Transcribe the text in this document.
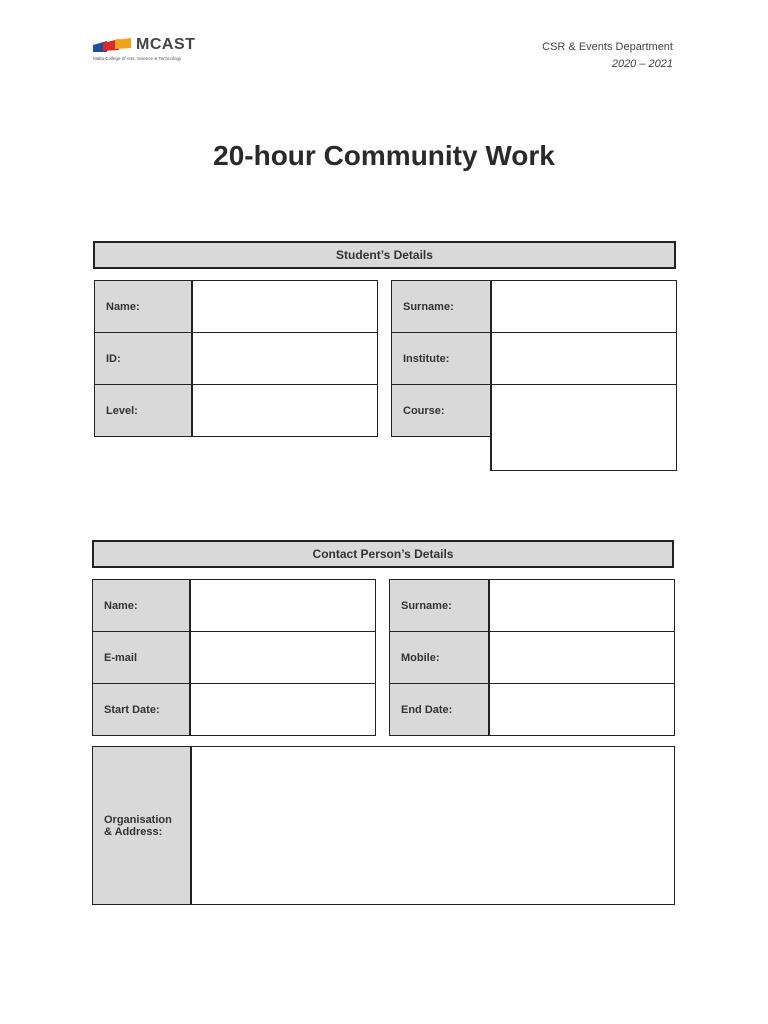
MCAST
Malta College of Arts, Science & Technology
CSR & Events Department
2020 – 2021
20-hour Community Work
Student’s Details
Name:	
ID:	
Level:	
Surname:	
Institute:	
Course:	

Contact Person’s Details
Name:	
E-mail	
Start Date:	
Surname:	
Mobile:	
End Date:	
Organisation
& Address:
